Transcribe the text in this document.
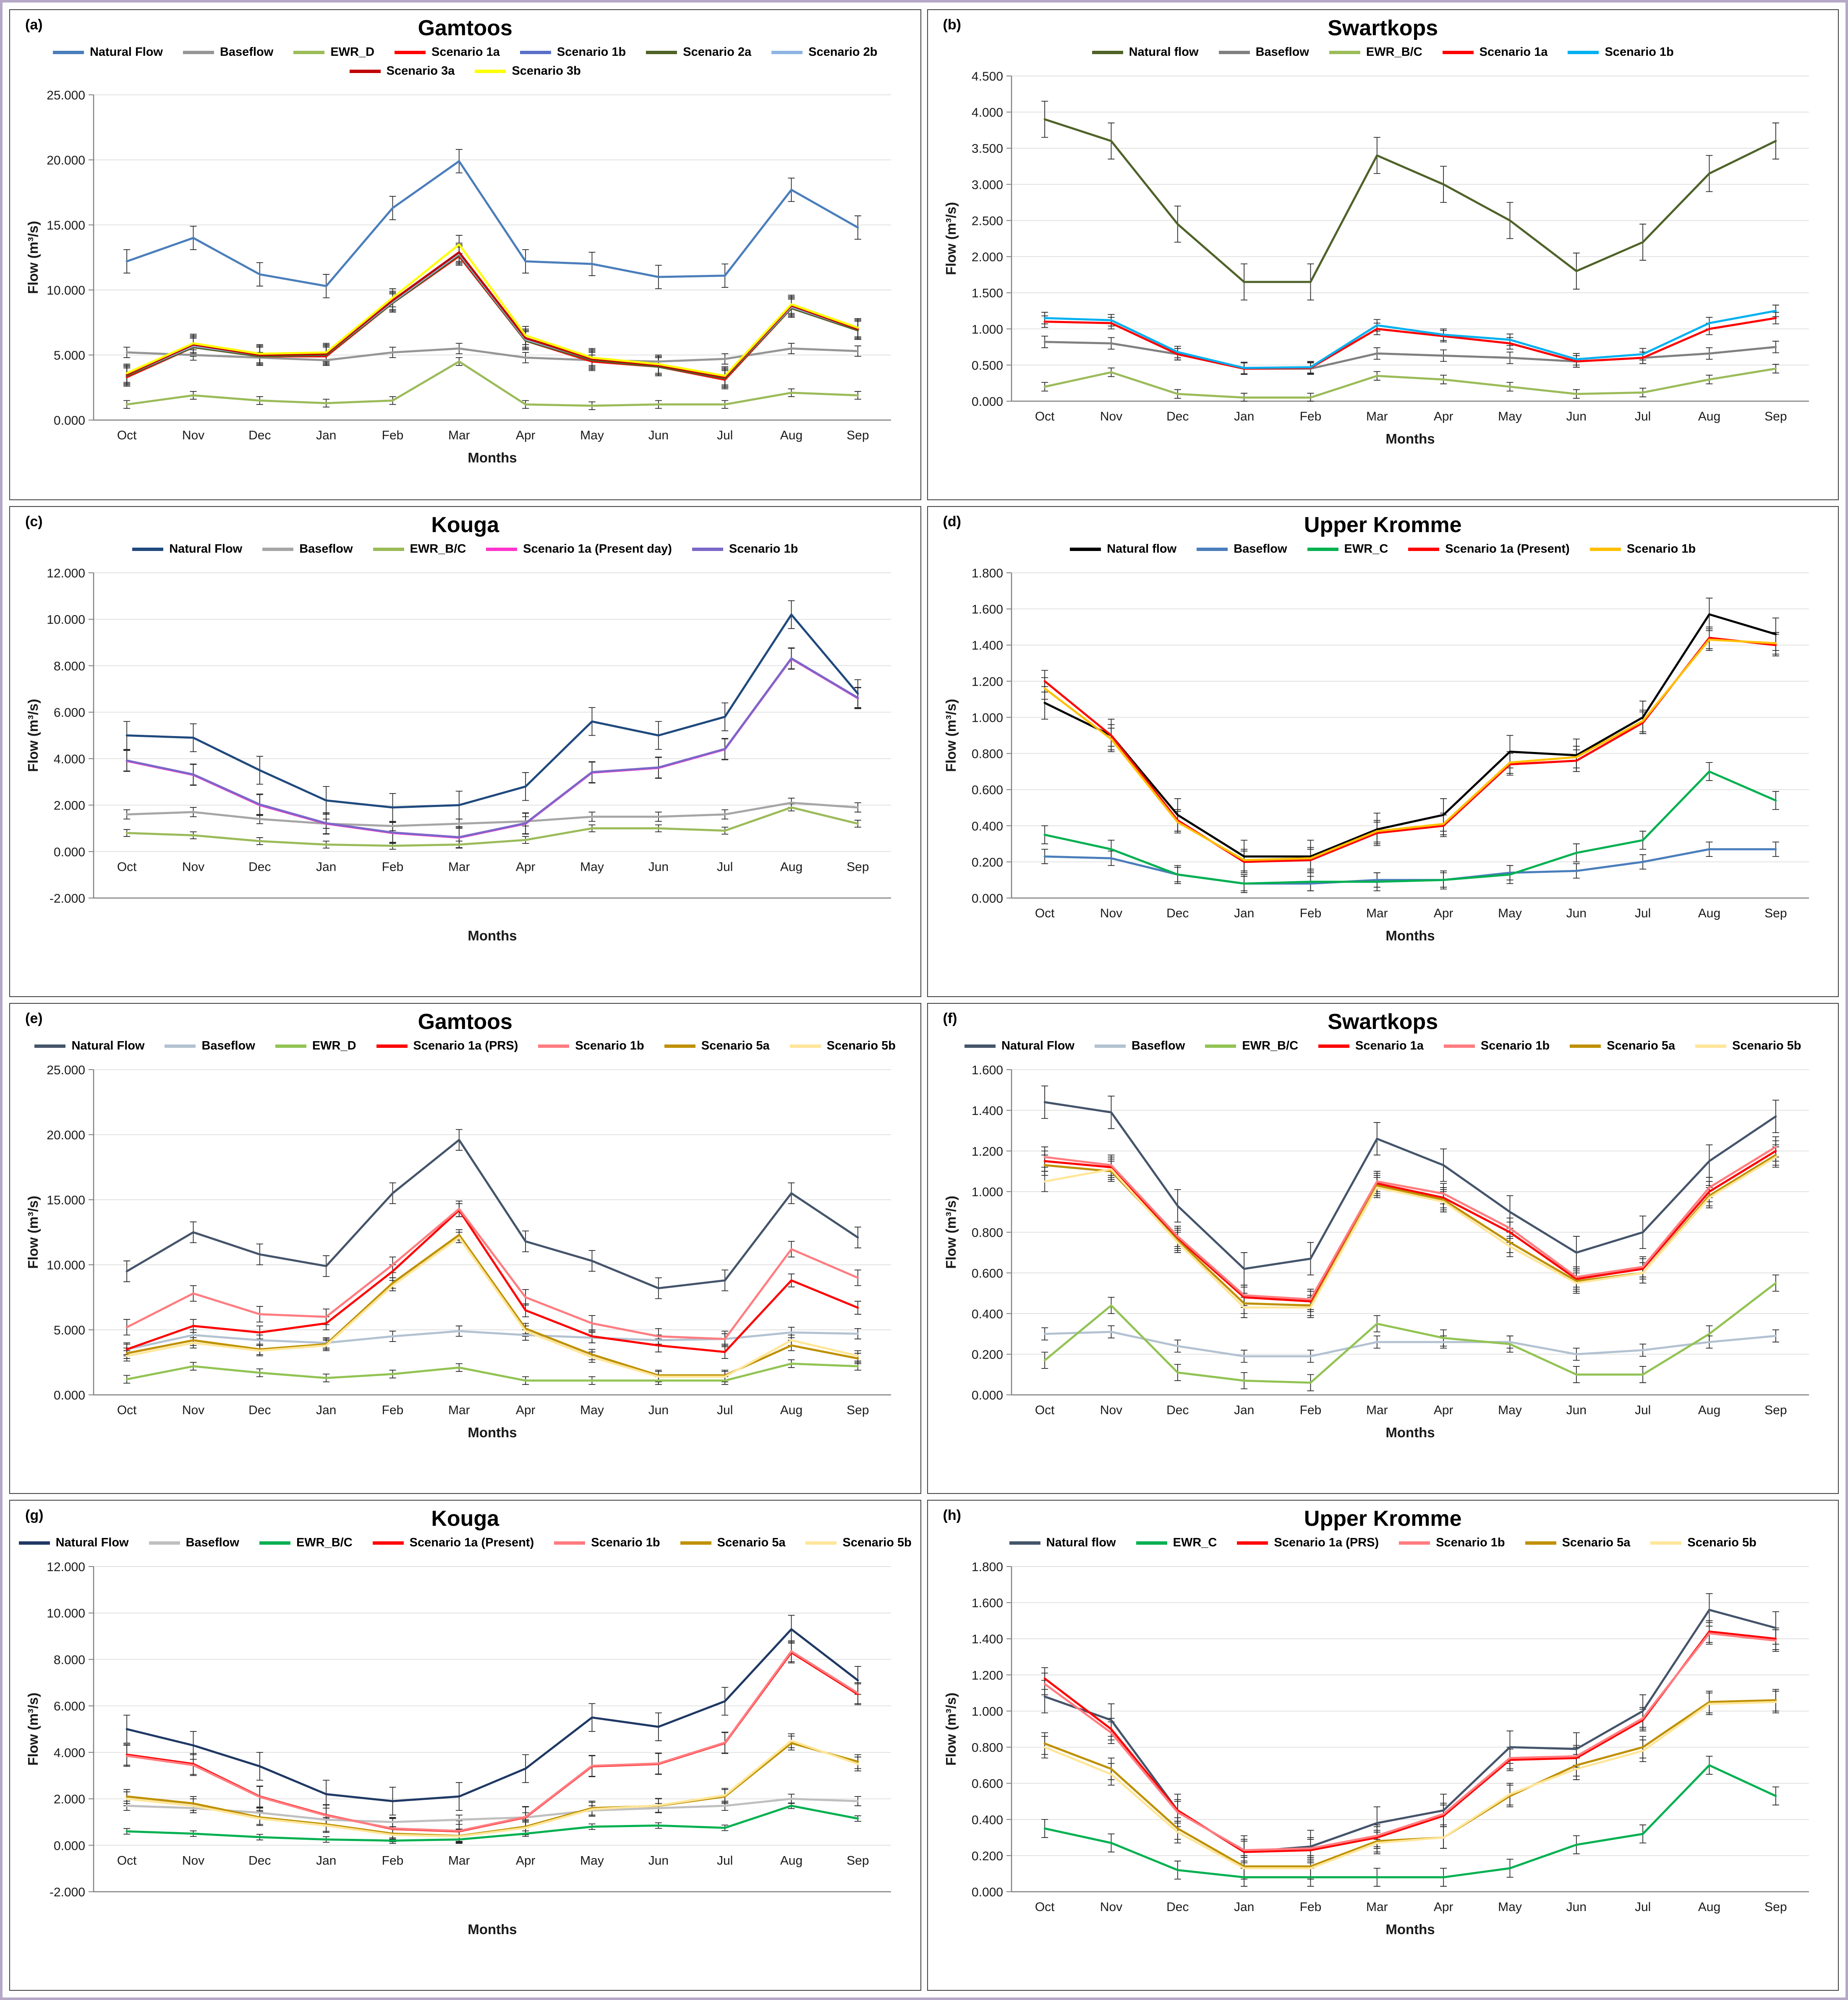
(a)	Gamtoos
Natural Flow	Baseflow	EWR_D	Scenario 1a	Scenario 1b	Scenario 2a	Scenario 2b
Scenario 3a	Scenario 3b
0.000
5.000
10.000
15.000
20.000
25.000
Oct	Nov	Dec	Jan	Feb	Mar	Apr	May	Jun	Jul	Aug	Sep
Flow (m³/s)
Months
(b)	Swartkops
Natural flow	Baseflow	EWR_B/C	Scenario 1a	Scenario 1b
0.000
0.500
1.000
1.500
2.000
2.500
3.000
3.500
4.000
4.500
Oct	Nov	Dec	Jan	Feb	Mar	Apr	May	Jun	Jul	Aug	Sep
Flow (m³/s)
Months
(c)	Kouga
Natural Flow	Baseflow	EWR_B/C	Scenario 1a (Present day)	Scenario 1b
-2.000
0.000
2.000
4.000
6.000
8.000
10.000
12.000
Oct	Nov	Dec	Jan	Feb	Mar	Apr	May	Jun	Jul	Aug	Sep
Flow (m³/s)
Months
(d)	Upper Kromme
Natural flow	Baseflow	EWR_C	Scenario 1a (Present)	Scenario 1b
0.000
0.200
0.400
0.600
0.800
1.000
1.200
1.400
1.600
1.800
Oct	Nov	Dec	Jan	Feb	Mar	Apr	May	Jun	Jul	Aug	Sep
Flow (m³/s)
Months
(e)	Gamtoos
Natural Flow	Baseflow	EWR_D	Scenario 1a (PRS)	Scenario 1b	Scenario 5a	Scenario 5b
0.000
5.000
10.000
15.000
20.000
25.000
Oct	Nov	Dec	Jan	Feb	Mar	Apr	May	Jun	Jul	Aug	Sep
Flow (m³/s)
Months
(f)	Swartkops
Natural Flow	Baseflow	EWR_B/C	Scenario 1a	Scenario 1b	Scenario 5a	Scenario 5b
0.000
0.200
0.400
0.600
0.800
1.000
1.200
1.400
1.600
Oct	Nov	Dec	Jan	Feb	Mar	Apr	May	Jun	Jul	Aug	Sep
Flow (m³/s)
Months
(g)	Kouga
Natural Flow	Baseflow	EWR_B/C	Scenario 1a (Present)	Scenario 1b	Scenario 5a	Scenario 5b
-2.000
0.000
2.000
4.000
6.000
8.000
10.000
12.000
Oct	Nov	Dec	Jan	Feb	Mar	Apr	May	Jun	Jul	Aug	Sep
Flow (m³/s)
Months
(h)	Upper Kromme
Natural flow	EWR_C	Scenario 1a (PRS)	Scenario 1b	Scenario 5a	Scenario 5b
0.000
0.200
0.400
0.600
0.800
1.000
1.200
1.400
1.600
1.800
Oct	Nov	Dec	Jan	Feb	Mar	Apr	May	Jun	Jul	Aug	Sep
Flow (m³/s)
Months
